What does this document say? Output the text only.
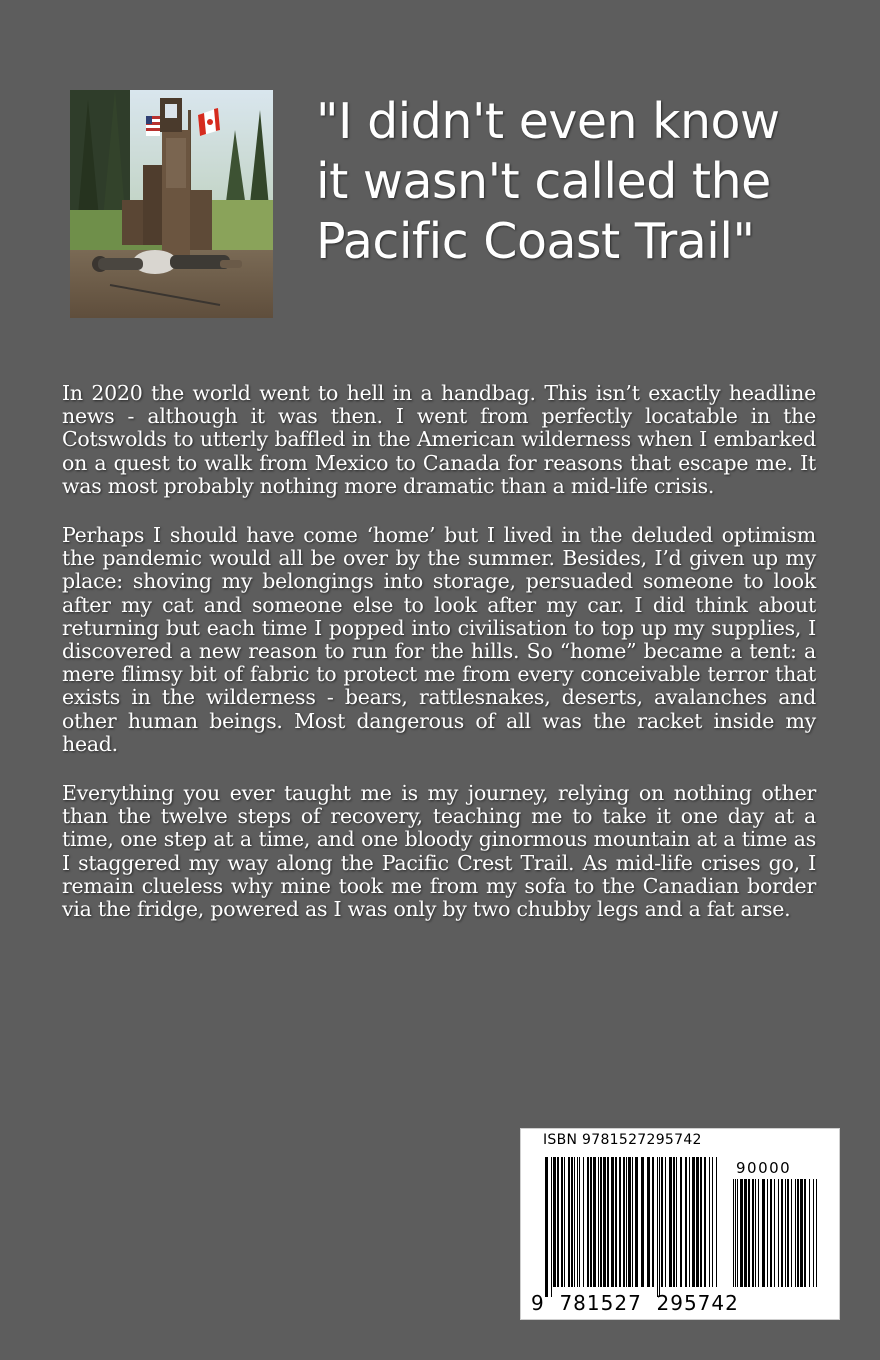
"I didn't even know
it wasn't called the
Pacific Coast Trail"

In 2020 the world went to hell in a handbag. This isn’t exactly headline news - although it was then. I went from perfectly locatable in the Cotswolds to utterly baffled in the American wilderness when I embarked on a quest to walk from Mexico to Canada for reasons that escape me. It was most probably nothing more dramatic than a mid-life crisis.

Perhaps I should have come ‘home’ but I lived in the deluded optimism the pandemic would all be over by the summer. Besides, I’d given up my place: shoving my belongings into storage, persuaded someone to look after my cat and someone else to look after my car. I did think about returning but each time I popped into civilisation to top up my supplies, I discovered a new reason to run for the hills. So “home” became a tent: a mere flimsy bit of fabric to protect me from every conceivable terror that exists in the wilderness - bears, rattlesnakes, deserts, avalanches and other human beings. Most dangerous of all was the racket inside my head.

Everything you ever taught me is my journey, relying on nothing other than the twelve steps of recovery, teaching me to take it one day at a time, one step at a time, and one bloody ginormous mountain at a time as I staggered my way along the Pacific Crest Trail. As mid-life crises go, I remain clueless why mine took me from my sofa to the Canadian border via the fridge, powered as I was only by two chubby legs and a fat arse.

ISBN 9781527295742
90000
9  781527  295742
